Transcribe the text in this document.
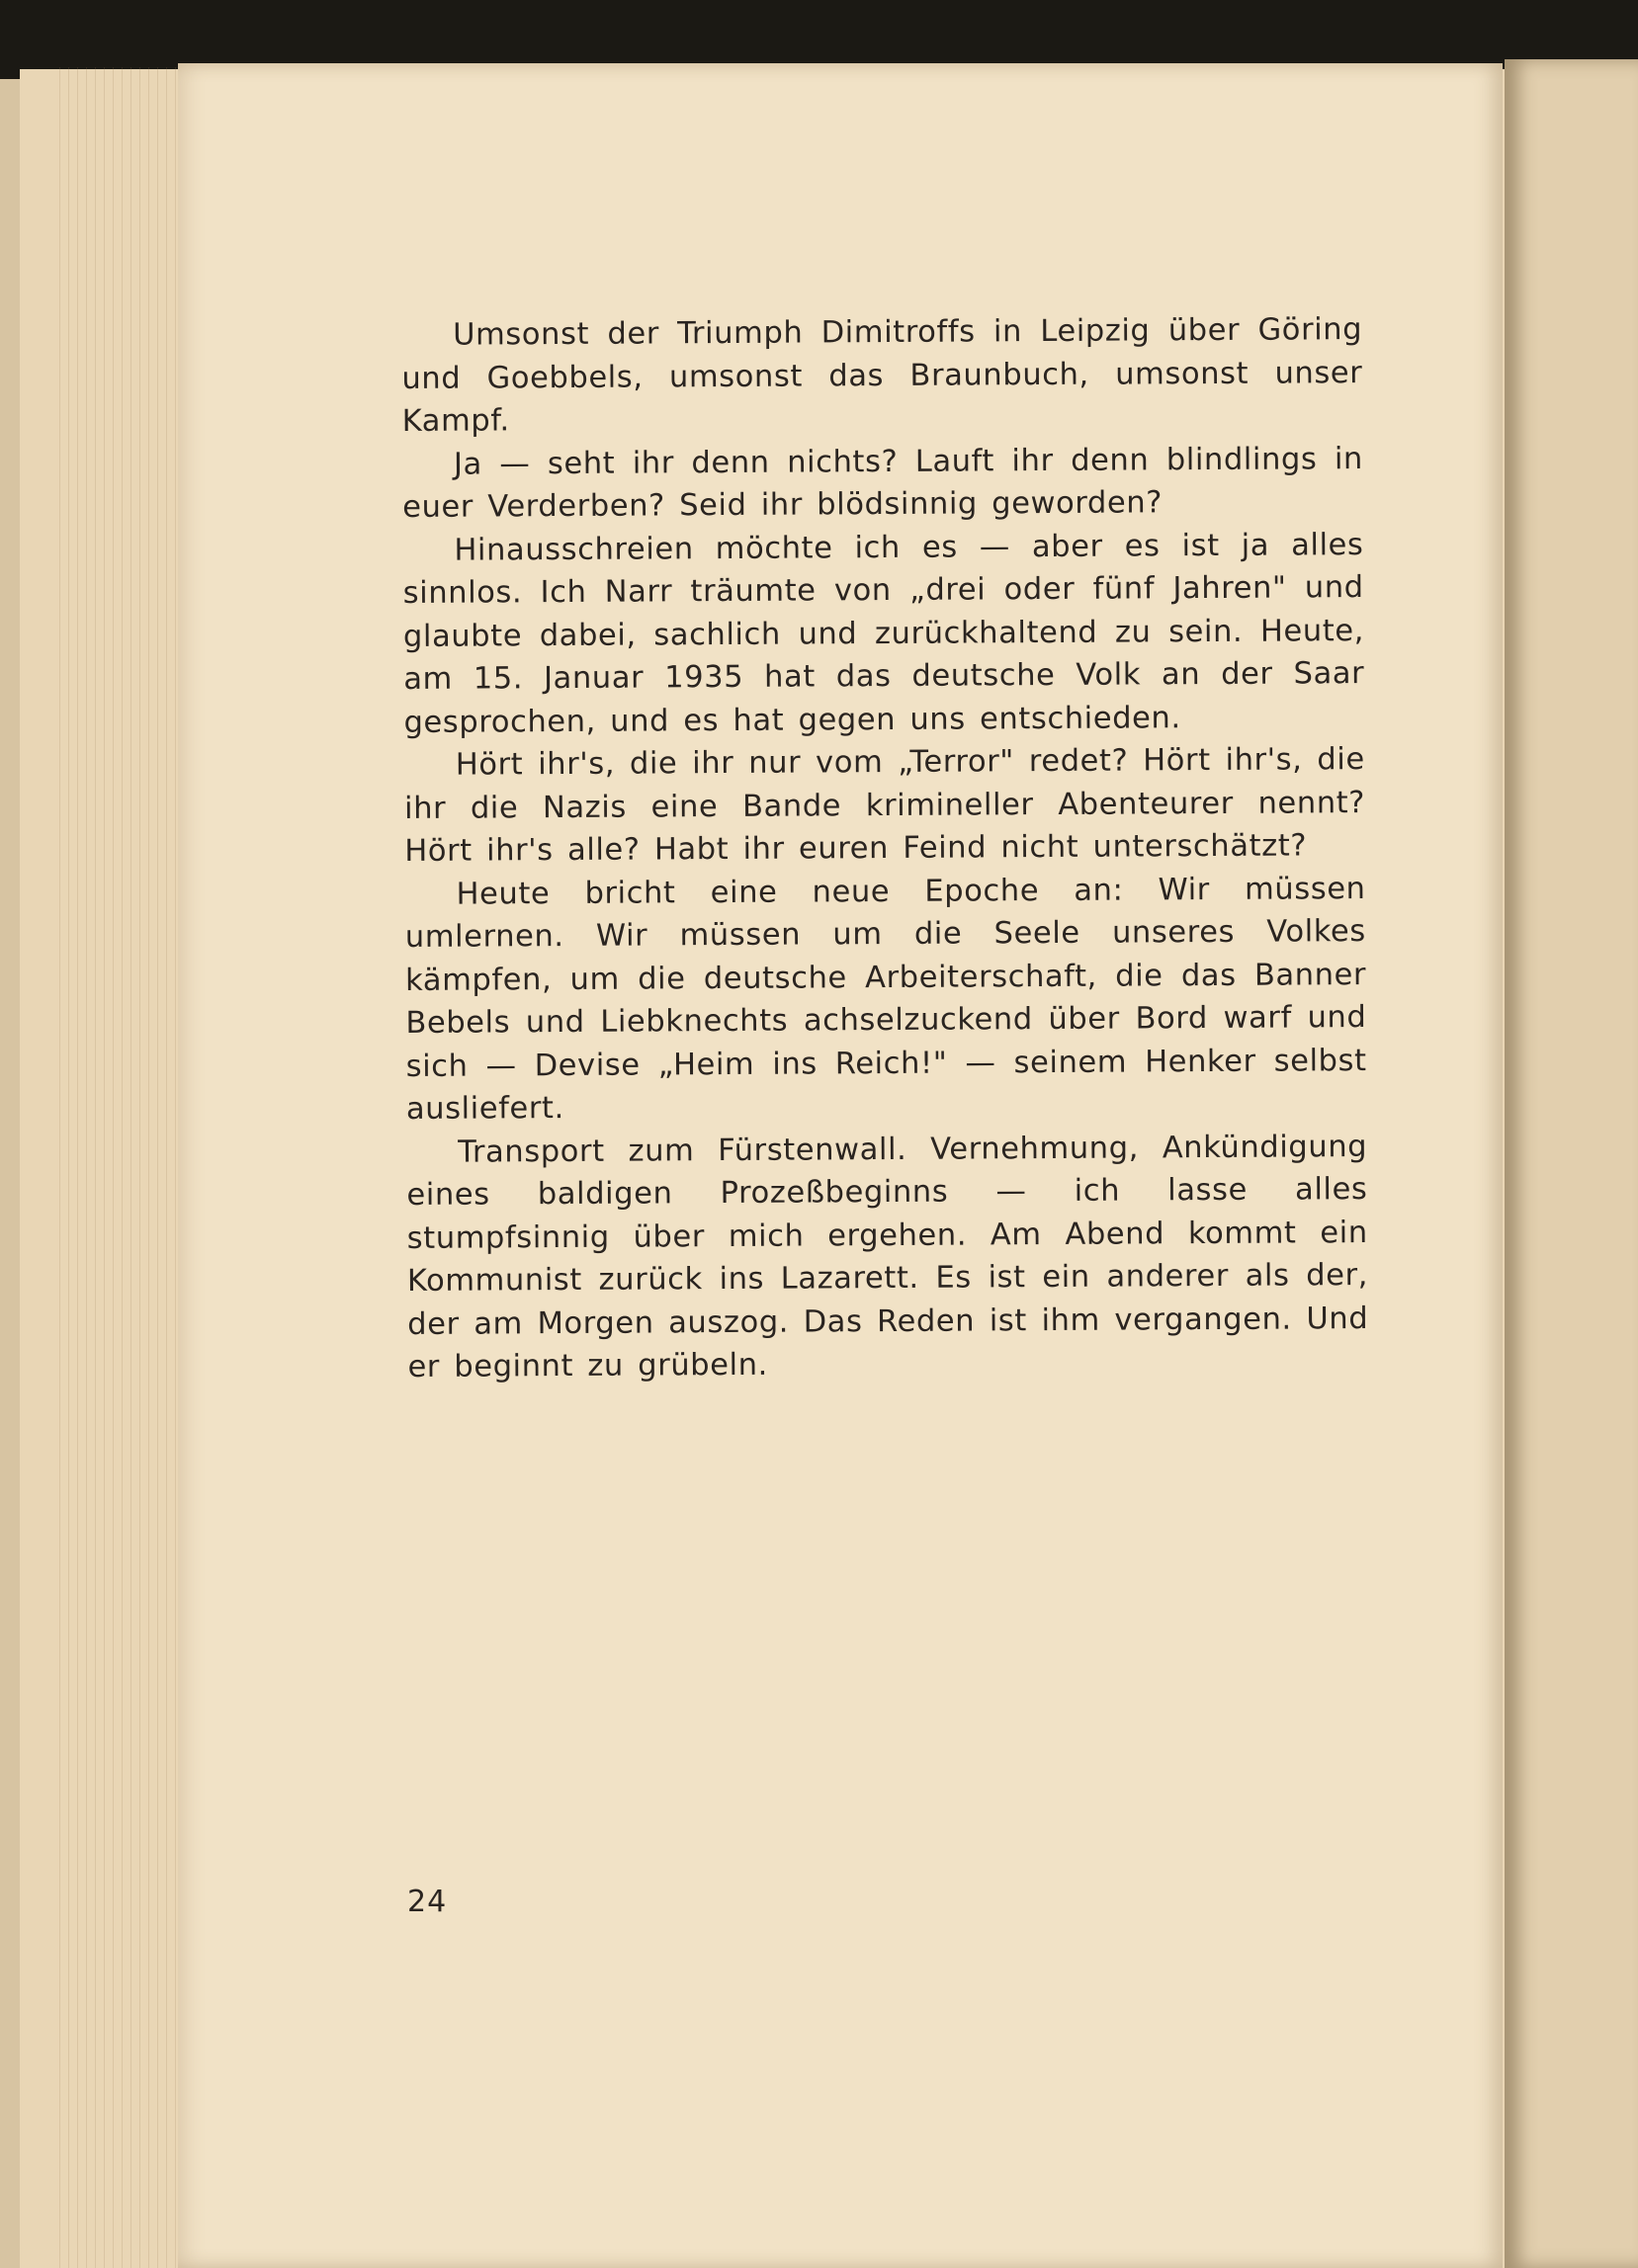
Umsonst der Triumph Dimitroffs in Leipzig über Göring und Goebbels, umsonst das Braunbuch, umsonst unser Kampf.

Ja — seht ihr denn nichts? Lauft ihr denn blindlings in euer Verderben? Seid ihr blödsinnig geworden?

Hinausschreien möchte ich es — aber es ist ja alles sinnlos. Ich Narr träumte von „drei oder fünf Jahren" und glaubte dabei, sachlich und zurückhaltend zu sein. Heute, am 15. Januar 1935 hat das deutsche Volk an der Saar gesprochen, und es hat gegen uns entschieden.

Hört ihr's, die ihr nur vom „Terror" redet? Hört ihr's, die ihr die Nazis eine Bande krimineller Abenteurer nennt? Hört ihr's alle? Habt ihr euren Feind nicht unterschätzt?

Heute bricht eine neue Epoche an: Wir müssen umlernen. Wir müssen um die Seele unseres Volkes kämpfen, um die deutsche Arbeiterschaft, die das Banner Bebels und Liebknechts achselzuckend über Bord warf und sich — Devise „Heim ins Reich!" — seinem Henker selbst ausliefert.

Transport zum Fürstenwall. Vernehmung, Ankündigung eines baldigen Prozeßbeginns — ich lasse alles stumpfsinnig über mich ergehen. Am Abend kommt ein Kommunist zurück ins Lazarett. Es ist ein anderer als der, der am Morgen auszog. Das Reden ist ihm vergangen. Und er beginnt zu grübeln.

24
